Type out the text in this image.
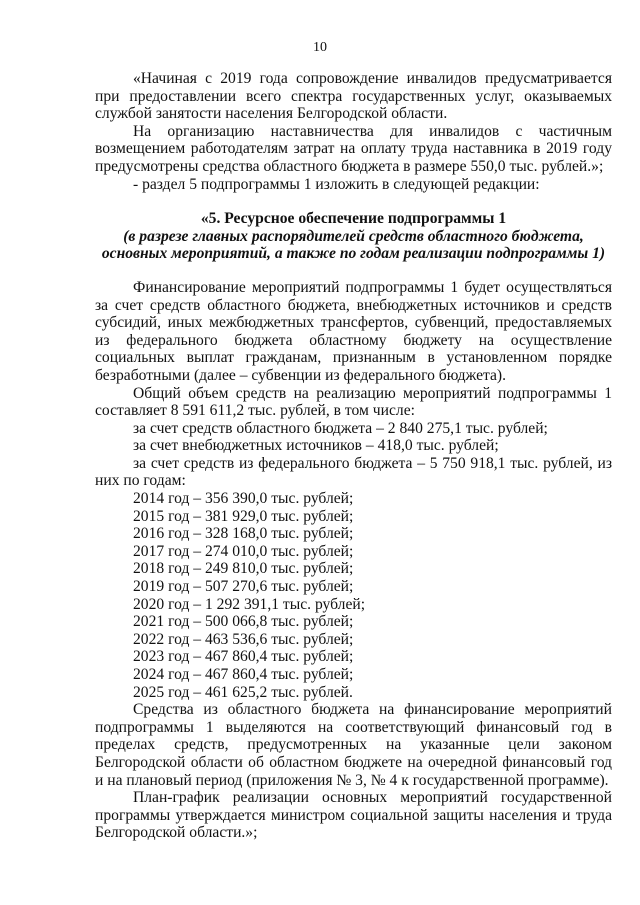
10

«Начиная с 2019 года сопровождение инвалидов предусматривается при предоставлении всего спектра государственных услуг, оказываемых службой занятости населения Белгородской области.

На организацию наставничества для инвалидов с частичным возмещением работодателям затрат на оплату труда наставника в 2019 году предусмотрены средства областного бюджета в размере 550,0 тыс. рублей.»;

- раздел 5 подпрограммы 1 изложить в следующей редакции:

«5. Ресурсное обеспечение подпрограммы 1
(в разрезе главных распорядителей средств областного бюджета, основных мероприятий, а также по годам реализации подпрограммы 1)

Финансирование мероприятий подпрограммы 1 будет осуществляться за счет средств областного бюджета, внебюджетных источников и средств субсидий, иных межбюджетных трансфертов, субвенций, предоставляемых из федерального бюджета областному бюджету на осуществление социальных выплат гражданам, признанным в установленном порядке безработными (далее – субвенции из федерального бюджета).

Общий объем средств на реализацию мероприятий подпрограммы 1 составляет 8 591 611,2 тыс. рублей, в том числе:

за счет средств областного бюджета – 2 840 275,1 тыс. рублей;

за счет внебюджетных источников – 418,0 тыс. рублей;

за счет средств из федерального бюджета – 5 750 918,1 тыс. рублей, из них по годам:

2014 год – 356 390,0 тыс. рублей;

2015 год – 381 929,0 тыс. рублей;

2016 год – 328 168,0 тыс. рублей;

2017 год – 274 010,0 тыс. рублей;

2018 год – 249 810,0 тыс. рублей;

2019 год – 507 270,6 тыс. рублей;

2020 год – 1 292 391,1 тыс. рублей;

2021 год – 500 066,8 тыс. рублей;

2022 год – 463 536,6 тыс. рублей;

2023 год – 467 860,4 тыс. рублей;

2024 год – 467 860,4 тыс. рублей;

2025 год – 461 625,2 тыс. рублей.

Средства из областного бюджета на финансирование мероприятий подпрограммы 1 выделяются на соответствующий финансовый год в пределах средств, предусмотренных на указанные цели законом Белгородской области об областном бюджете на очередной финансовый год и на плановый период (приложения № 3, № 4 к государственной программе).

План-график реализации основных мероприятий государственной программы утверждается министром социальной защиты населения и труда Белгородской области.»;
